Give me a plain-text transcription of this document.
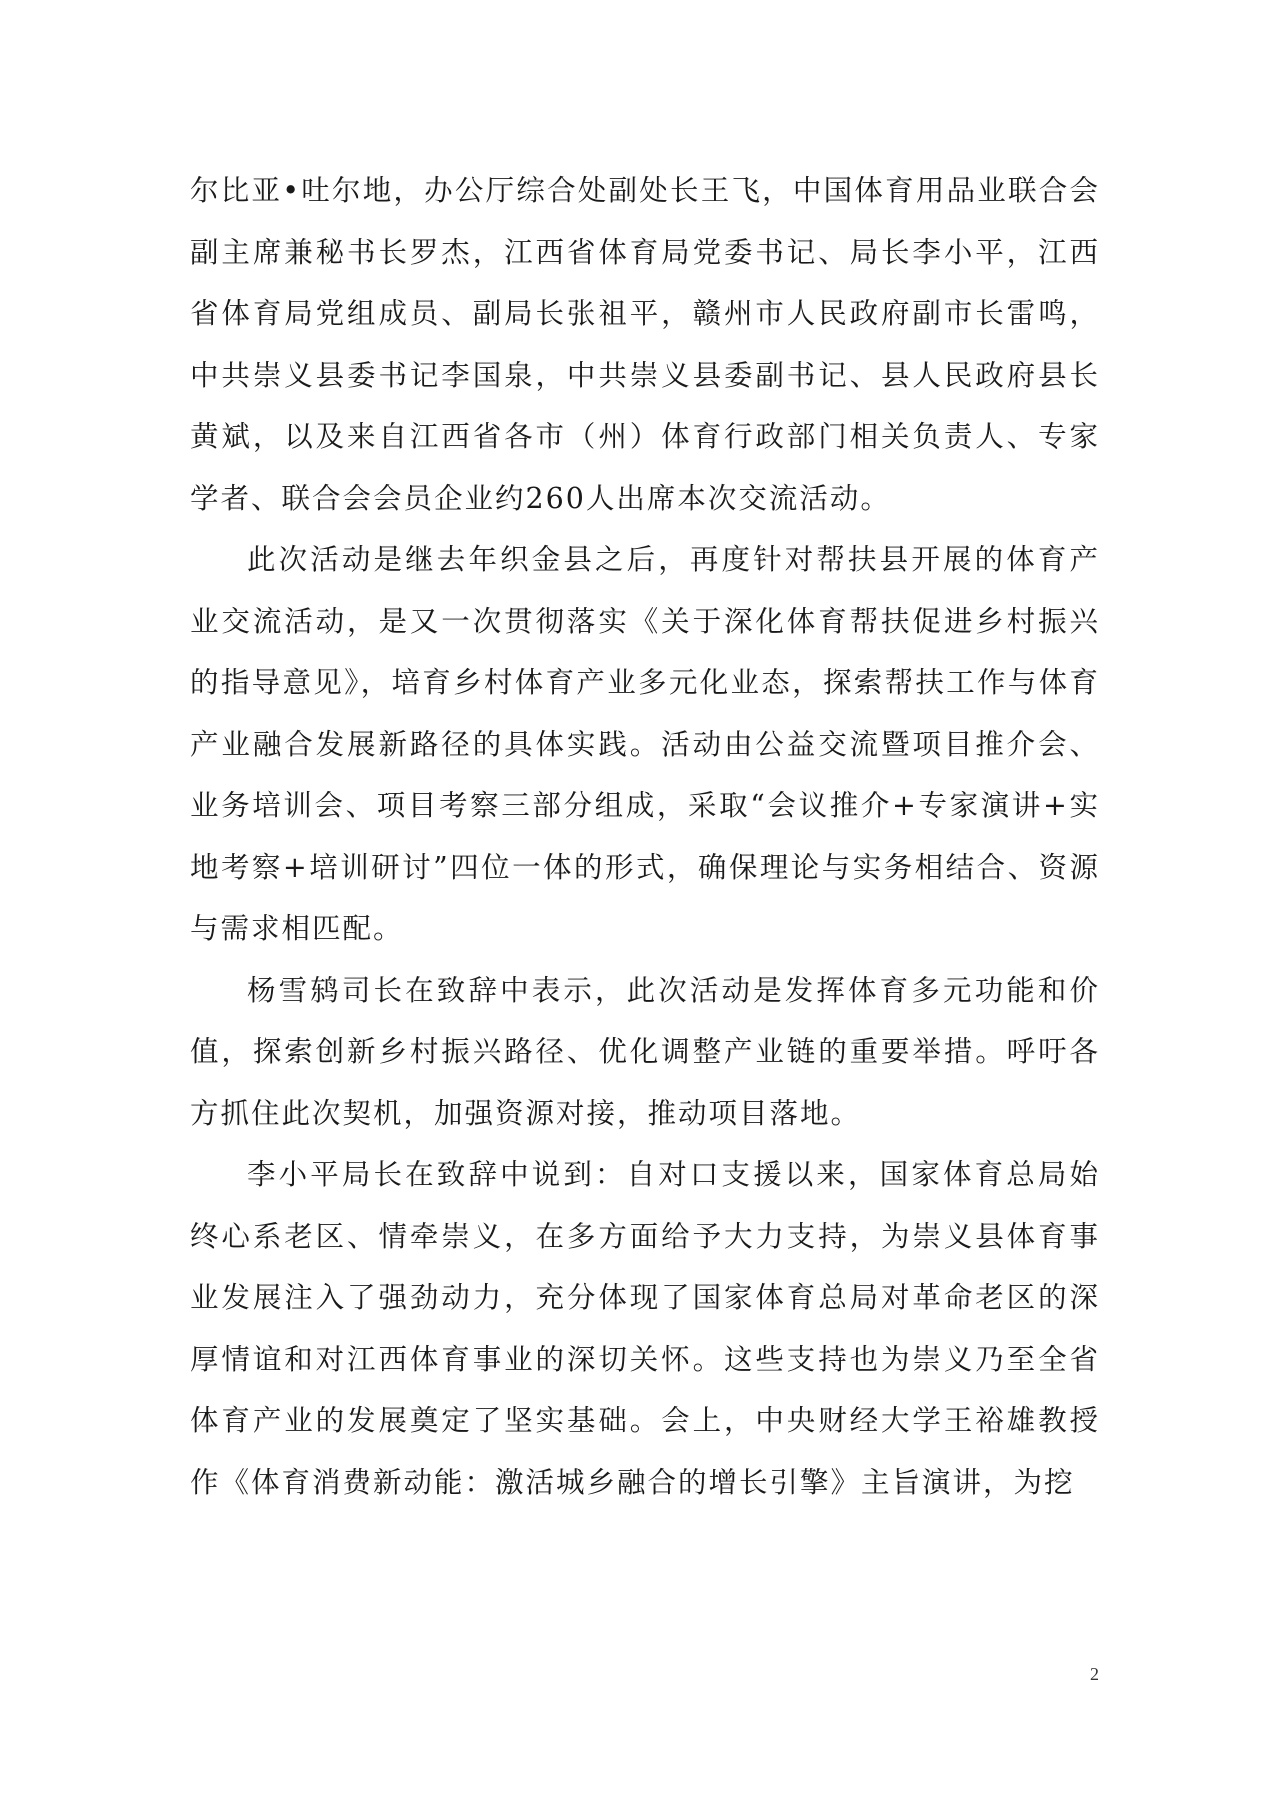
尔比亚•吐尔地，办公厅综合处副处长王飞，中国体育用品业联合会副主席兼秘书长罗杰，江西省体育局党委书记、局长李小平，江西省体育局党组成员、副局长张祖平，赣州市人民政府副市长雷鸣，中共崇义县委书记李国泉，中共崇义县委副书记、县人民政府县长黄斌，以及来自江西省各市（州）体育行政部门相关负责人、专家学者、联合会会员企业约260人出席本次交流活动。

此次活动是继去年织金县之后，再度针对帮扶县开展的体育产业交流活动，是又一次贯彻落实《关于深化体育帮扶促进乡村振兴的指导意见》，培育乡村体育产业多元化业态，探索帮扶工作与体育产业融合发展新路径的具体实践。活动由公益交流暨项目推介会、业务培训会、项目考察三部分组成，采取“会议推介+专家演讲+实地考察+培训研讨”四位一体的形式，确保理论与实务相结合、资源与需求相匹配。

杨雪鸫司长在致辞中表示，此次活动是发挥体育多元功能和价值，探索创新乡村振兴路径、优化调整产业链的重要举措。呼吁各方抓住此次契机，加强资源对接，推动项目落地。

李小平局长在致辞中说到：自对口支援以来，国家体育总局始终心系老区、情牵崇义，在多方面给予大力支持，为崇义县体育事业发展注入了强劲动力，充分体现了国家体育总局对革命老区的深厚情谊和对江西体育事业的深切关怀。这些支持也为崇义乃至全省体育产业的发展奠定了坚实基础。会上，中央财经大学王裕雄教授作《体育消费新动能：激活城乡融合的增长引擎》主旨演讲，为挖

2
